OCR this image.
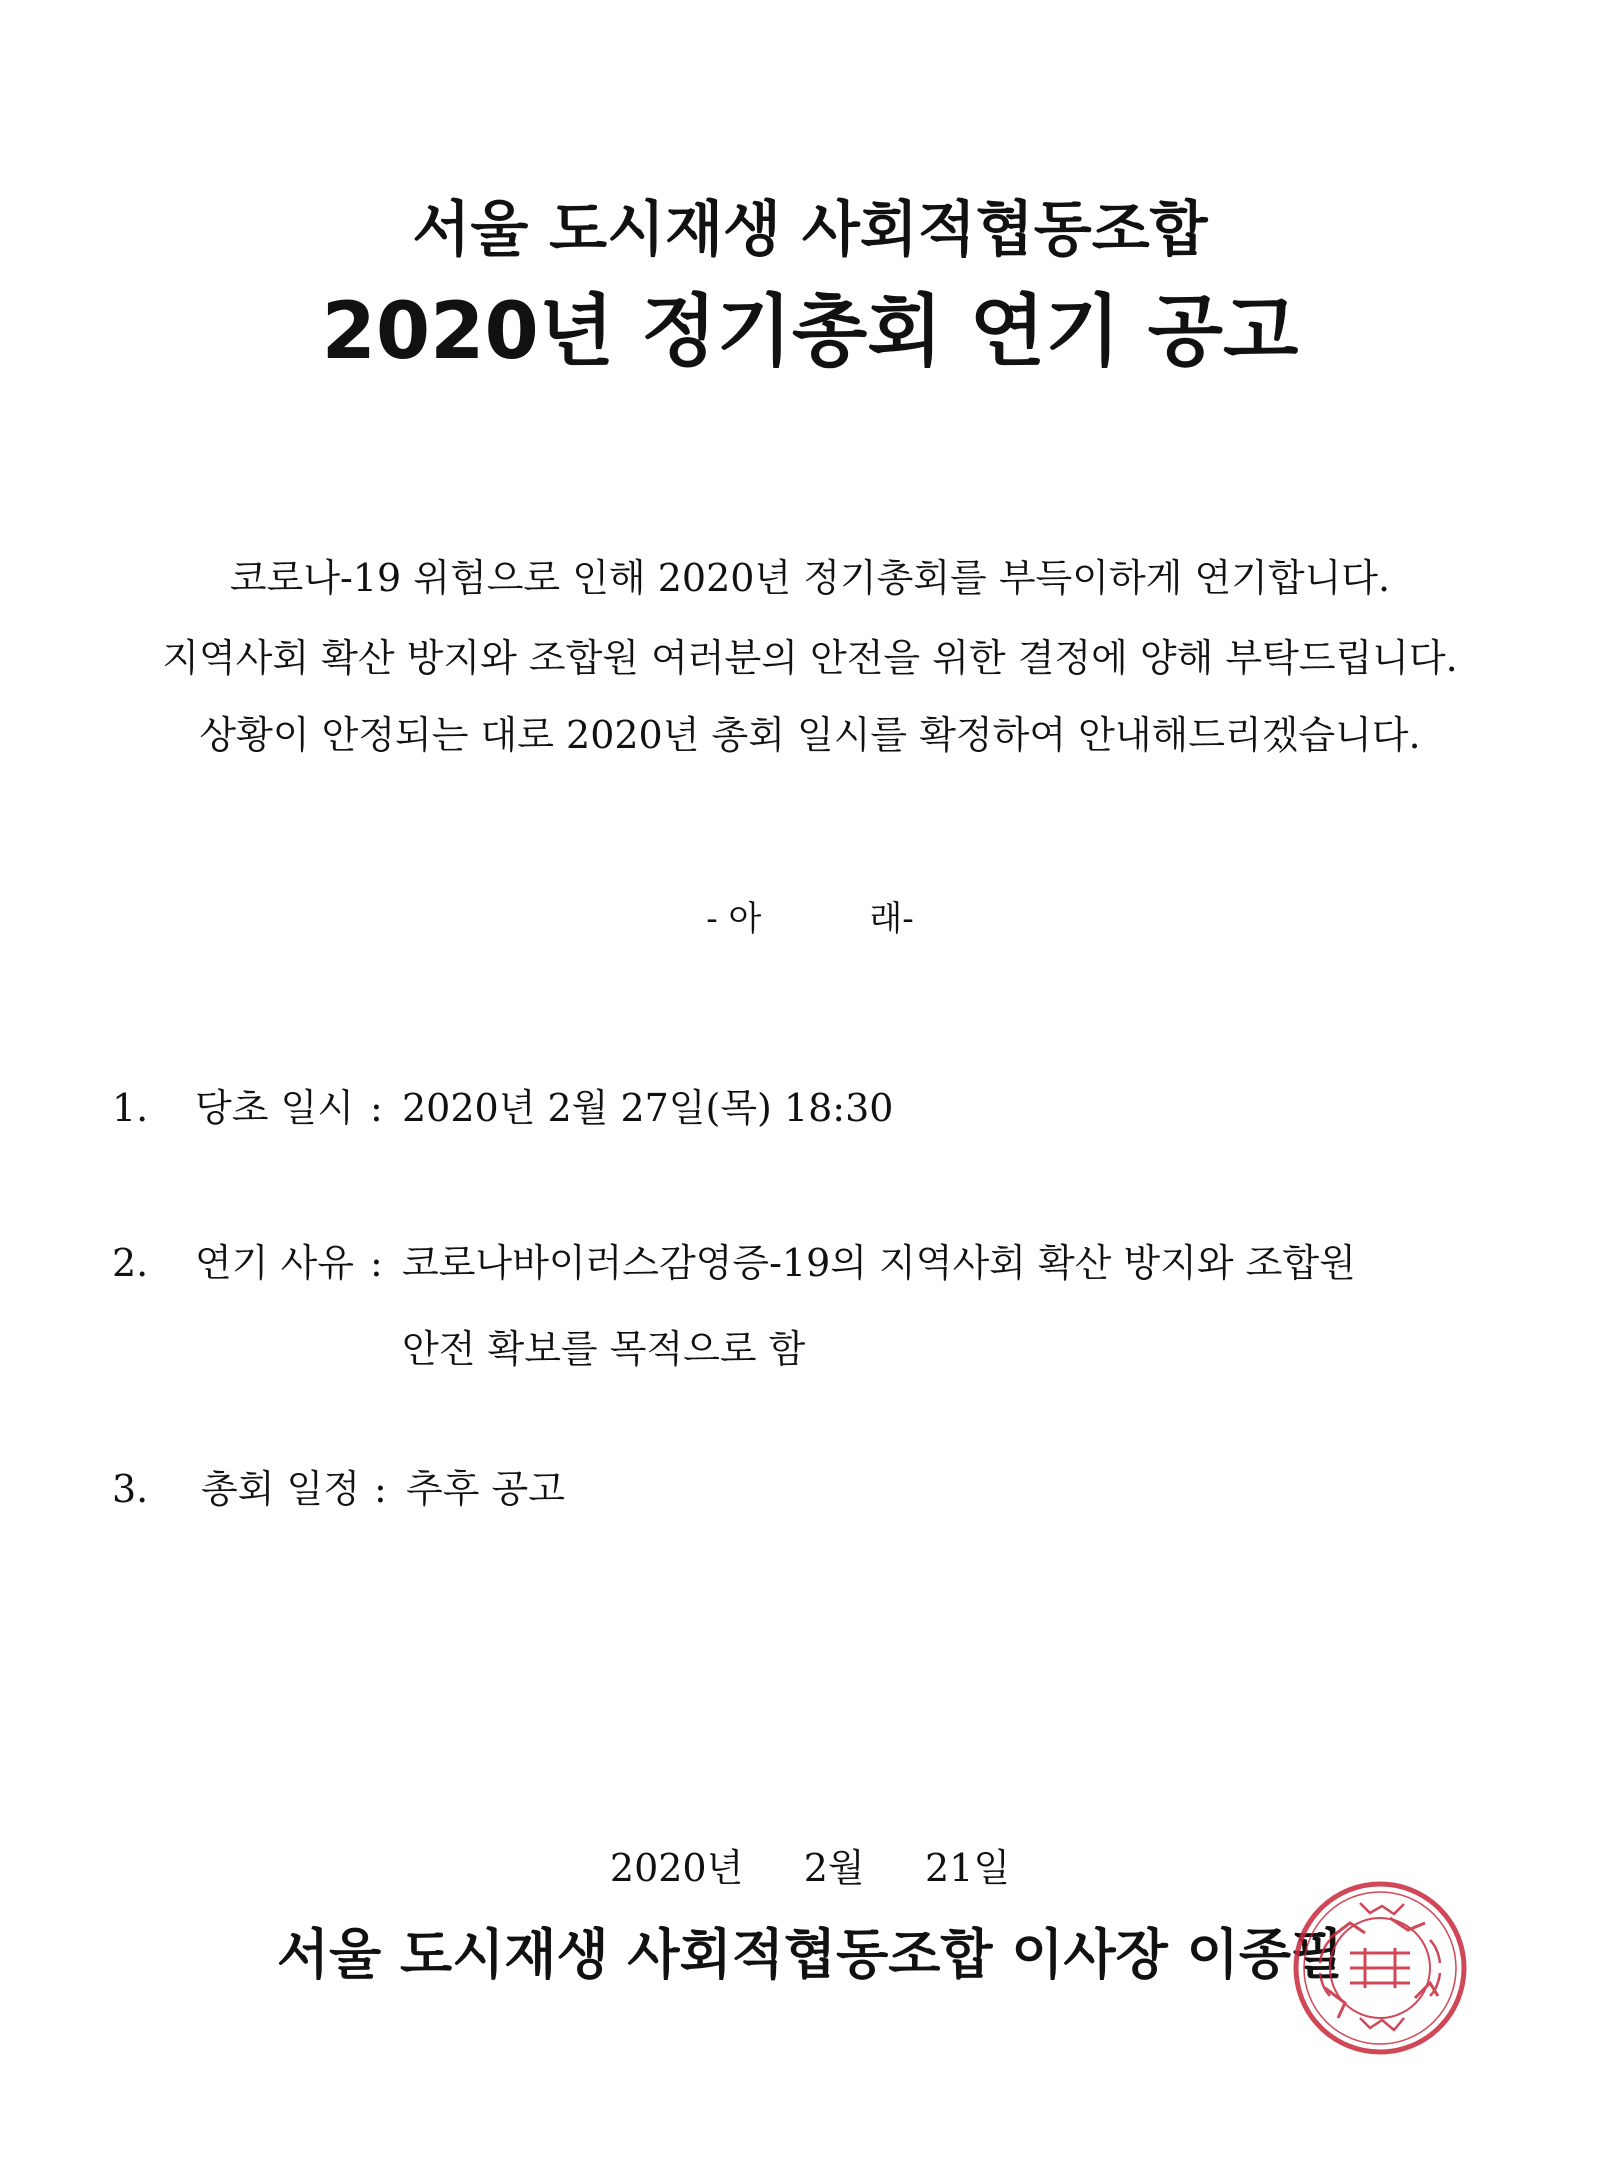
서울 도시재생 사회적협동조합
2020년 정기총회 연기 공고
코로나-19 위험으로 인해 2020년 정기총회를 부득이하게 연기합니다.
지역사회 확산 방지와 조합원 여러분의 안전을 위한 결정에 양해 부탁드립니다.
상황이 안정되는 대로 2020년 총회 일시를 확정하여 안내해드리겠습니다.
- 아          래-
1. 당초 일시 : 2020년 2월 27일(목) 18:30
2. 연기 사유 : 코로나바이러스감영증-19의 지역사회 확산 방지와 조합원
안전 확보를 목적으로 함
3. 총회 일정 : 추후 공고
2020년 2월 21일
서울 도시재생 사회적협동조합 이사장 이종필
